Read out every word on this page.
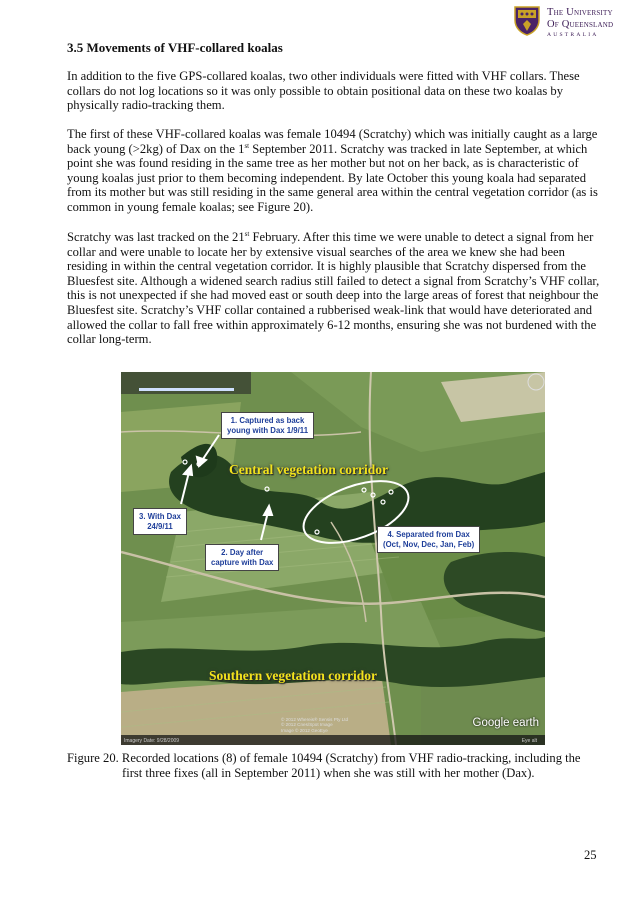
The University
Of Queensland
AUSTRALIA
3.5 Movements of VHF-collared koalas

In addition to the five GPS-collared koalas, two other individuals were fitted with VHF collars. These collars do not log locations so it was only possible to obtain positional data on these two koalas by physically radio-tracking them.

The first of these VHF-collared koalas was female 10494 (Scratchy) which was initially caught as a large back young (>2kg) of Dax on the 1st September 2011. Scratchy was tracked in late September, at which point she was found residing in the same tree as her mother but not on her back, as is characteristic of young koalas just prior to them becoming independent. By late October this young koala had separated from its mother but was still residing in the same general area within the central vegetation corridor (as is common in young female koalas; see Figure 20).

Scratchy was last tracked on the 21st February. After this time we were unable to detect a signal from her collar and were unable to locate her by extensive visual searches of the area we knew she had been residing in within the central vegetation corridor. It is highly plausible that Scratchy dispersed from the Bluesfest site. Although a widened search radius still failed to detect a signal from Scratchy’s VHF collar, this is not unexpected if she had moved east or south deep into the large areas of forest that neighbour the Bluesfest site. Scratchy’s VHF collar contained a rubberised weak-link that would have deteriorated and allowed the collar to fall free within approximately 6-12 months, ensuring she was not burdened with the collar long-term.

1. Captured as back
young with Dax 1/9/11
2. Day after
capture with Dax
3. With Dax
24/9/11
4. Separated from Dax
(Oct, Nov, Dec, Jan, Feb)
Central vegetation corridor
Southern vegetation corridor
© 2012 Whereis® Sensis Pty Ltd
© 2012 Cnes/Spot Image
Image © 2012 GeoEye
Google earth
Imagery Date: 9/28/2009	Eye alt

Figure 20. Recorded locations (8) of female 10494 (Scratchy) from VHF radio-tracking, including the
first three fixes (all in September 2011) when she was still with her mother (Dax).

25
